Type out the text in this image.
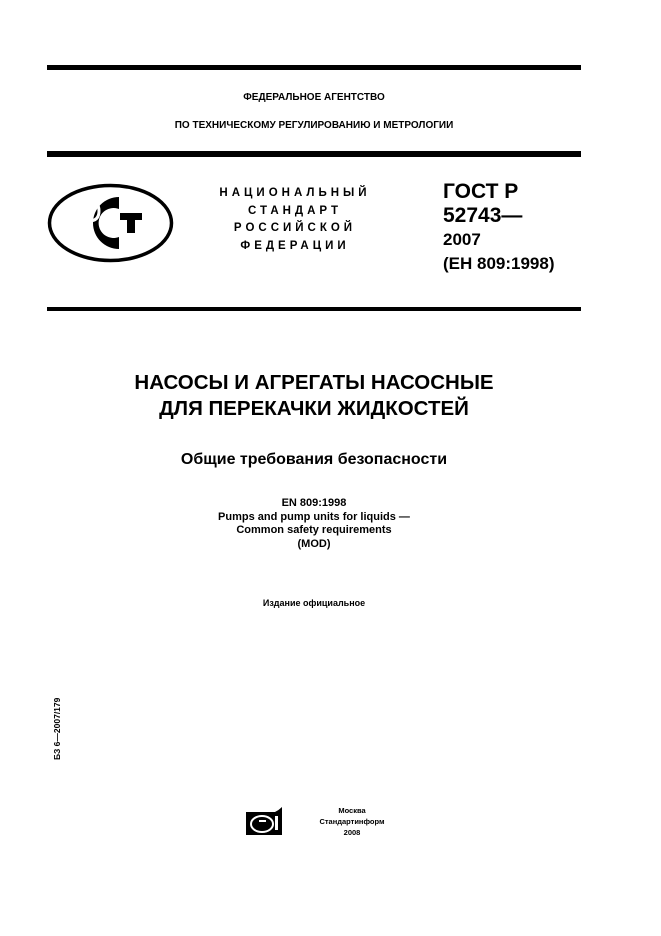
ФЕДЕРАЛЬНОЕ АГЕНТСТВО
ПО ТЕХНИЧЕСКОМУ РЕГУЛИРОВАНИЮ И МЕТРОЛОГИИ
НАЦИОНАЛЬНЫЙ
СТАНДАРТ
РОССИЙСКОЙ
ФЕДЕРАЦИИ
ГОСТ Р
52743—
2007
(ЕН 809:1998)
НАСОСЫ И АГРЕГАТЫ НАСОСНЫЕ
ДЛЯ ПЕРЕКАЧКИ ЖИДКОСТЕЙ
Общие требования безопасности
EN 809:1998
Pumps and pump units for liquids —
Common safety requirements
(MOD)
Издание официальное
БЗ 6—2007/179
Москва
Стандартинформ
2008
